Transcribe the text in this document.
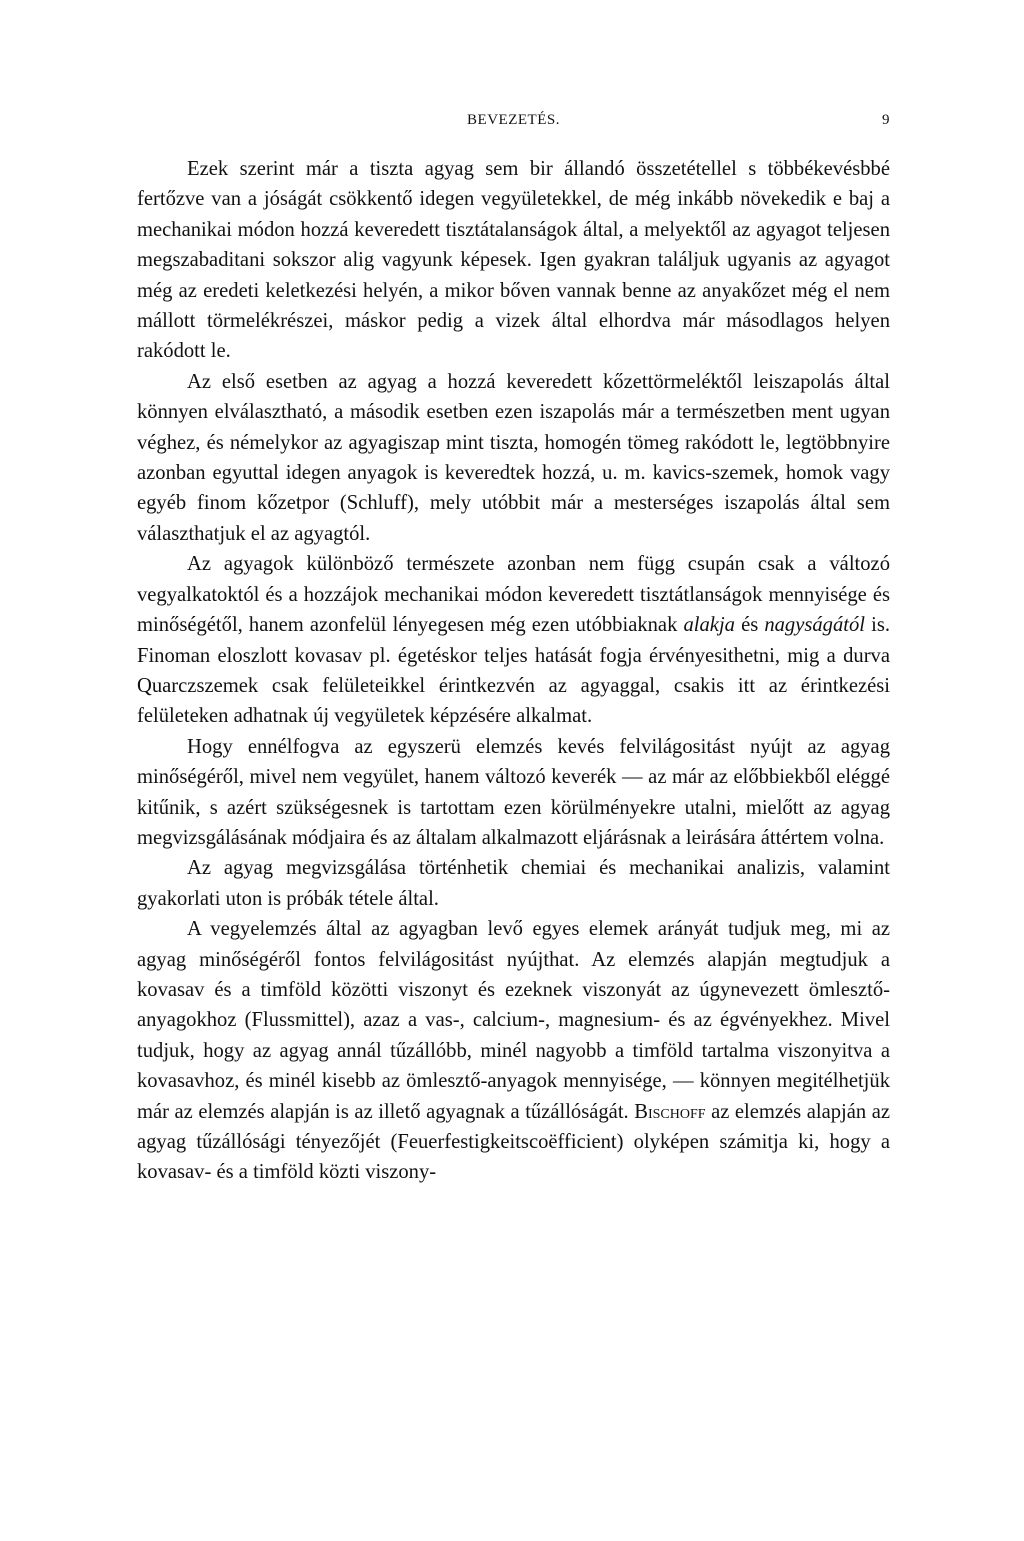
BEVEZETÉS.	9

Ezek szerint már a tiszta agyag sem bir állandó összetétellel s többékevésbbé fertőzve van a jóságát csökkentő idegen vegyületekkel, de még inkább növekedik e baj a mechanikai módon hozzá keveredett tisztátalanságok által, a melyektől az agyagot teljesen megszabaditani sokszor alig vagyunk képesek. Igen gyakran találjuk ugyanis az agyagot még az eredeti keletkezési helyén, a mikor bőven vannak benne az anyakőzet még el nem mállott törmelékrészei, máskor pedig a vizek által elhordva már másodlagos helyen rakódott le.

Az első esetben az agyag a hozzá keveredett kőzettörmeléktől leiszapolás által könnyen elválasztható, a második esetben ezen iszapolás már a természetben ment ugyan véghez, és némelykor az agyagiszap mint tiszta, homogén tömeg rakódott le, legtöbbnyire azonban egyuttal idegen anyagok is keveredtek hozzá, u. m. kavics-szemek, homok vagy egyéb finom kőzetpor (Schluff), mely utóbbit már a mesterséges iszapolás által sem választhatjuk el az agyagtól.

Az agyagok különböző természete azonban nem függ csupán csak a változó vegyalkatoktól és a hozzájok mechanikai módon keveredett tisztátlanságok mennyisége és minőségétől, hanem azonfelül lényegesen még ezen utóbbiaknak alakja és nagyságától is. Finoman eloszlott kovasav pl. égetéskor teljes hatását fogja érvényesithetni, mig a durva Quarczszemek csak felületeikkel érintkezvén az agyaggal, csakis itt az érintkezési felületeken adhatnak új vegyületek képzésére alkalmat.

Hogy ennélfogva az egyszerü elemzés kevés felvilágositást nyújt az agyag minőségéről, mivel nem vegyület, hanem változó keverék — az már az előbbiekből eléggé kitűnik, s azért szükségesnek is tartottam ezen körülményekre utalni, mielőtt az agyag megvizsgálásának módjaira és az általam alkalmazott eljárásnak a leirására áttértem volna.

Az agyag megvizsgálása történhetik chemiai és mechanikai analizis, valamint gyakorlati uton is próbák tétele által.

A vegyelemzés által az agyagban levő egyes elemek arányát tudjuk meg, mi az agyag minőségéről fontos felvilágositást nyújthat. Az elemzés alapján megtudjuk a kovasav és a timföld közötti viszonyt és ezeknek viszonyát az úgynevezett ömlesztő-anyagokhoz (Flussmittel), azaz a vas-, calcium-, magnesium- és az égvényekhez. Mivel tudjuk, hogy az agyag annál tűzállóbb, minél nagyobb a timföld tartalma viszonyitva a kovasavhoz, és minél kisebb az ömlesztő-anyagok mennyisége, — könnyen megitélhetjük már az elemzés alapján is az illető agyagnak a tűzállóságát. Bischoff az elemzés alapján az agyag tűzállósági tényezőjét (Feuerfestigkeitscoëfficient) olyképen számitja ki, hogy a kovasav- és a timföld közti viszony-
